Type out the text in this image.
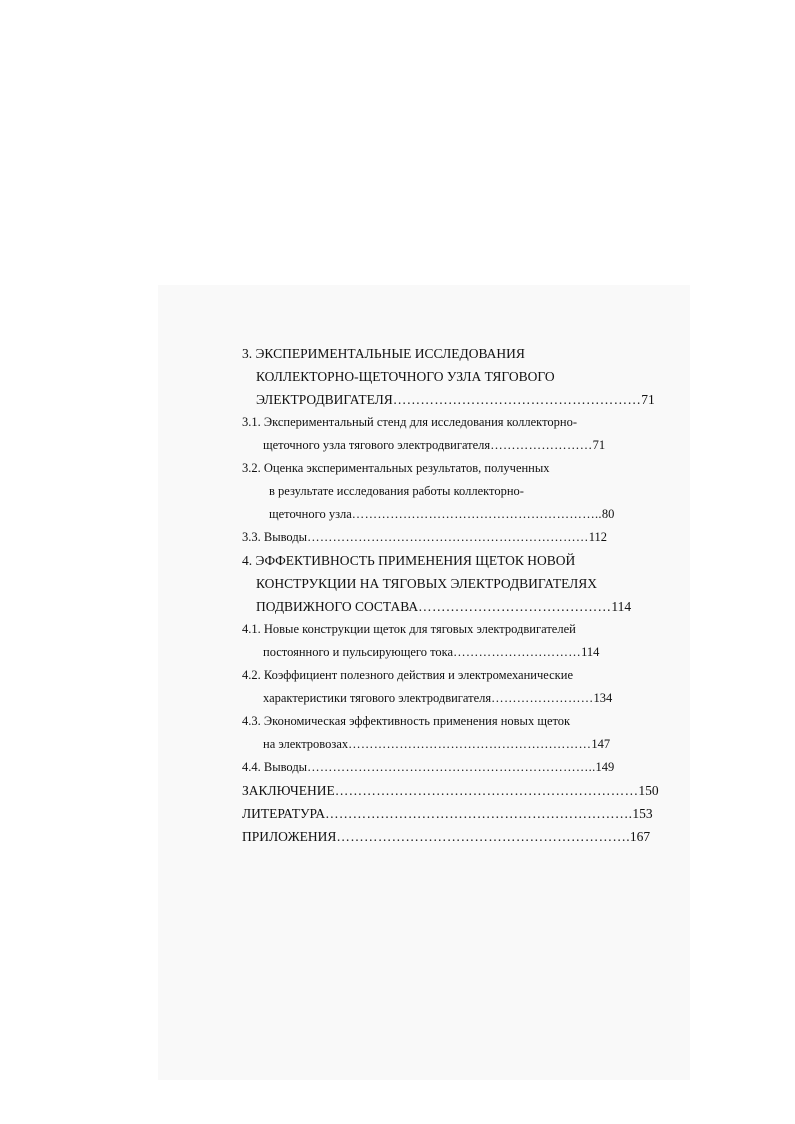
3. ЭКСПЕРИМЕНТАЛЬНЫЕ ИССЛЕДОВАНИЯ
КОЛЛЕКТОРНО-ЩЕТОЧНОГО УЗЛА ТЯГОВОГО
ЭЛЕКТРОДВИГАТЕЛЯ………………………………………………71
3.1. Экспериментальный стенд для исследования коллекторно-
щеточного узла тягового электродвигателя……………………71
3.2. Оценка экспериментальных результатов, полученных
в результате исследования работы коллекторно-
щеточного узла…………………………………………………..80
3.3. Выводы…………………………………………………………112
4. ЭФФЕКТИВНОСТЬ ПРИМЕНЕНИЯ ЩЕТОК НОВОЙ
КОНСТРУКЦИИ НА ТЯГОВЫХ ЭЛЕКТРОДВИГАТЕЛЯХ
ПОДВИЖНОГО СОСТАВА……………………………………114
4.1. Новые конструкции щеток для тяговых электродвигателей
постоянного и пульсирующего тока…………………………114
4.2. Коэффициент полезного действия и электромеханические
характеристики тягового электродвигателя……………………134
4.3. Экономическая эффективность применения новых щеток
на электровозах…………………………………………………147
4.4. Выводы…………………………………………………………..149
ЗАКЛЮЧЕНИЕ…………………………………………………………150
ЛИТЕРАТУРА………………………………………………………….153
ПРИЛОЖЕНИЯ……………………………………………………….167
